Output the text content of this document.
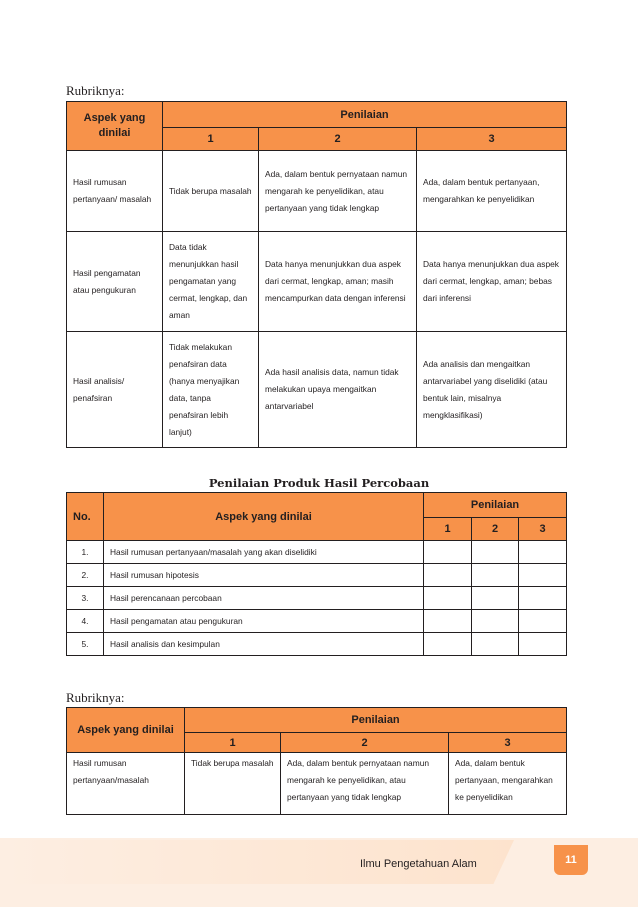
Rubriknya:
Aspek yang dinilai	Penilaian		
	1	2	3
Hasil rumusan pertanyaan/ masalah	Tidak berupa masalah	Ada, dalam bentuk pernyataan namun mengarah ke penyelidikan, atau pertanyaan yang tidak lengkap	Ada, dalam bentuk pertanyaan, mengarahkan ke penyelidikan
Hasil pengamatan atau pengukuran	Data tidak menunjukkan hasil pengamatan yang cermat, lengkap, dan aman	Data hanya menunjukkan dua aspek dari cermat, lengkap, aman; masih mencampurkan data dengan inferensi	Data hanya menunjukkan dua aspek dari cermat, lengkap, aman; bebas dari inferensi
Hasil analisis/ penafsiran	Tidak melakukan penafsiran data (hanya menyajikan data, tanpa penafsiran lebih lanjut)	Ada hasil analisis data, namun tidak melakukan upaya mengaitkan antarvariabel	Ada analisis dan mengaitkan antarvariabel yang diselidiki (atau bentuk lain, misalnya mengklasifikasi)
Penilaian Produk Hasil Percobaan
No.	Aspek yang dinilai	Penilaian		
		1	2	3
1.	Hasil rumusan pertanyaan/masalah yang akan diselidiki			
2.	Hasil rumusan hipotesis			
3.	Hasil perencanaan percobaan			
4.	Hasil pengamatan atau pengukuran			
5.	Hasil analisis dan kesimpulan			
Rubriknya:
Aspek yang dinilai	Penilaian		
	1	2	3
Hasil rumusan pertanyaan/masalah	Tidak berupa masalah	Ada, dalam bentuk pernyataan namun mengarah ke penyelidikan, atau pertanyaan yang tidak lengkap	Ada, dalam bentuk pertanyaan, mengarahkan ke penyelidikan
Ilmu Pengetahuan Alam	11
